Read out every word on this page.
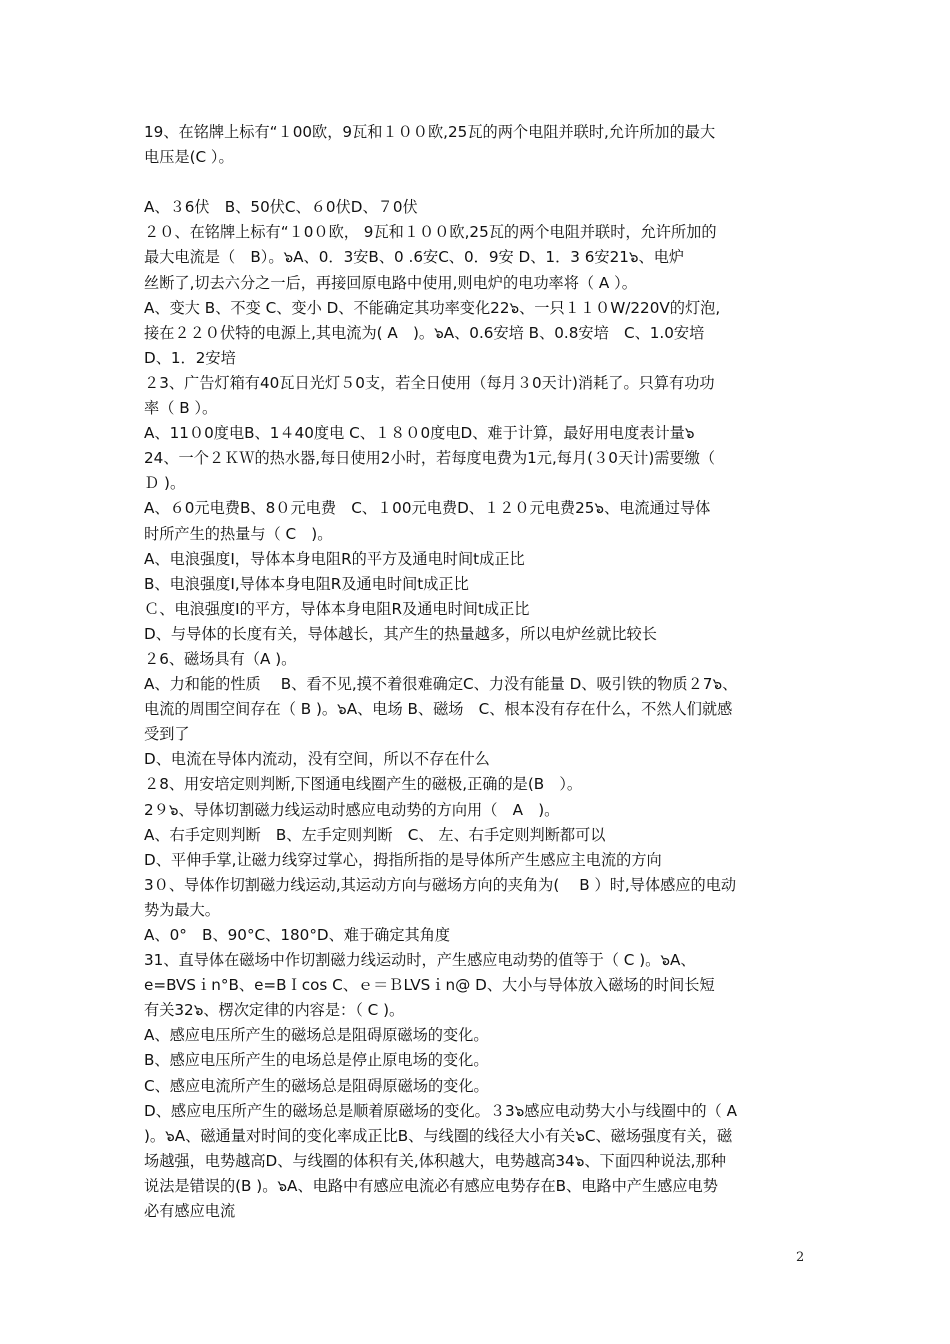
19、在铭牌上标有“１00欧，9瓦和１００欧,25瓦的两个电阻并联时,允许所加的最大

电压是(C ）。

A、３6伏　B、50伏C、６0伏D、７0伏

２０、在铭牌上标有“１0０欧， 9瓦和１００欧,25瓦的两个电阻并联时，允许所加的

最大电流是（　B）。๖A、0．3安B、0 .6安C、0．9安 D、1．3 6安21๖、电炉

丝断了,切去六分之一后，再接回原电路中使用,则电炉的电功率将（ A ）。

A、变大 B、不变 C、变小 D、不能确定其功率变化22๖、一只１１０W/220V的灯泡,

接在２２０伏特的电源上,其电流为( A　)。๖A、0.6安培 B、0.8安培　C、1.0安培

D、1．2安培

２3、广告灯箱有40瓦日光灯５0支，若全日使用（每月３0天计)消耗了。只算有功功

率（ B ）。

A、11０0度电B、1４40度电 C、１８０0度电D、难于计算，最好用电度表计量๖

24、一个２ＫＷ的热水器,每日使用2小时，若每度电费为1元,每月(３0天计)需要缴（

Ｄ )。

A、６0元电费B、8０元电费　C、１00元电费D、１２０元电费25๖、电流通过导体

时所产生的热量与（ C　)。

A、电浪强度I，导体本身电阻R的平方及通电时间t成正比

B、电浪强度I,导体本身电阻R及通电时间t成正比

Ｃ、电浪强度I的平方，导体本身电阻R及通电时间t成正比

D、与导体的长度有关，导体越长，其产生的热量越多，所以电炉丝就比较长

２6、磁场具有（A )。

A、力和能的性质　 B、看不见,摸不着很难确定C、力没有能量 D、吸引铁的物质２7๖、

电流的周围空间存在（ B )。๖A、电场 B、磁场　C、根本没有存在什么，不然人们就感

受到了

D、电流在导体内流动，没有空间，所以不存在什么

２8、用安培定则判断,下图通电线圈产生的磁极,正确的是(B　）。

2９๖、导体切割磁力线运动时感应电动势的方向用（　A　)。

A、右手定则判断　B、左手定则判断　C、 左、右手定则判断都可以

D、平伸手掌,让磁力线穿过掌心，拇指所指的是导体所产生感应主电流的方向

3０、导体作切割磁力线运动,其运动方向与磁场方向的夹角为(　 B ）时,导体感应的电动

势为最大。

A、0°　B、90°C、180°D、难于确定其角度

31、直导体在磁场中作切割磁力线运动时，产生感应电动势的值等于（ C )。๖A、

e=BVSｉn°B、e=BＩcos C、ｅ＝ＢLVSｉn@ D、大小与导体放入磁场的时间长短

有关32๖、楞次定律的内容是：（ C )。

A、感应电压所产生的磁场总是阻碍原磁场的变化。

B、感应电压所产生的电场总是停止原电场的变化。

C、感应电流所产生的磁场总是阻碍原磁场的变化。

D、感应电压所产生的磁场总是顺着原磁场的变化。３3๖感应电动势大小与线圈中的（ A

)。๖A、磁通量对时间的变化率成正比B、与线圈的线径大小有关๖C、磁场强度有关，磁

场越强，电势越高D、与线圈的体积有关,体积越大，电势越高34๖、下面四种说法,那种

说法是错误的(B )。๖A、电路中有感应电流必有感应电势存在B、电路中产生感应电势

必有感应电流

2
